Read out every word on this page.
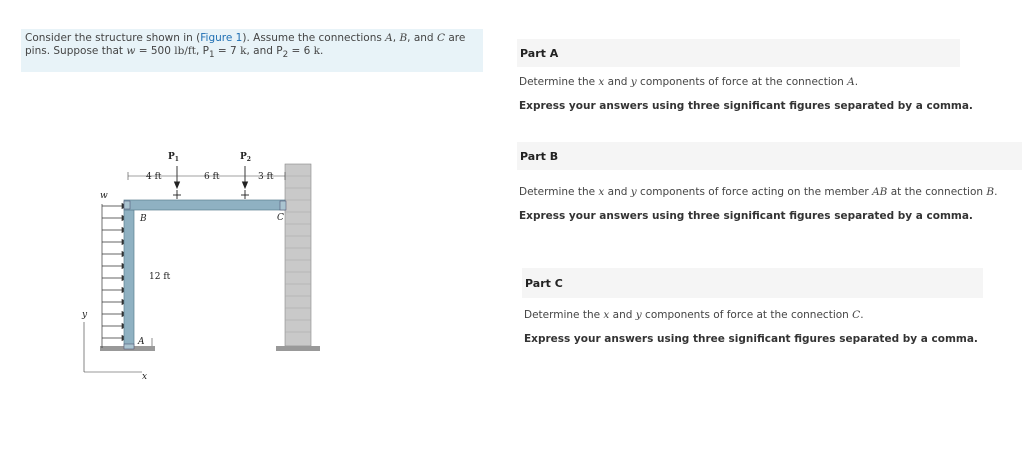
Consider the structure shown in (Figure 1). Assume the connections A, B, and C are
pins. Suppose that w = 500 lb/ft, $P_1 = 7$ k, and $P_2 = 6$ k.
$P_1$	$P_2$
4 ft	6 ft	3 ft
12 ft
w
y
x
B
A
C
Part A
Determine the x and y components of force at the connection A.
Express your answers using three significant figures separated by a comma.
Part B
Determine the x and y components of force acting on the member AB at the connection B.
Express your answers using three significant figures separated by a comma.
Part C
Determine the x and y components of force at the connection C.
Express your answers using three significant figures separated by a comma.
